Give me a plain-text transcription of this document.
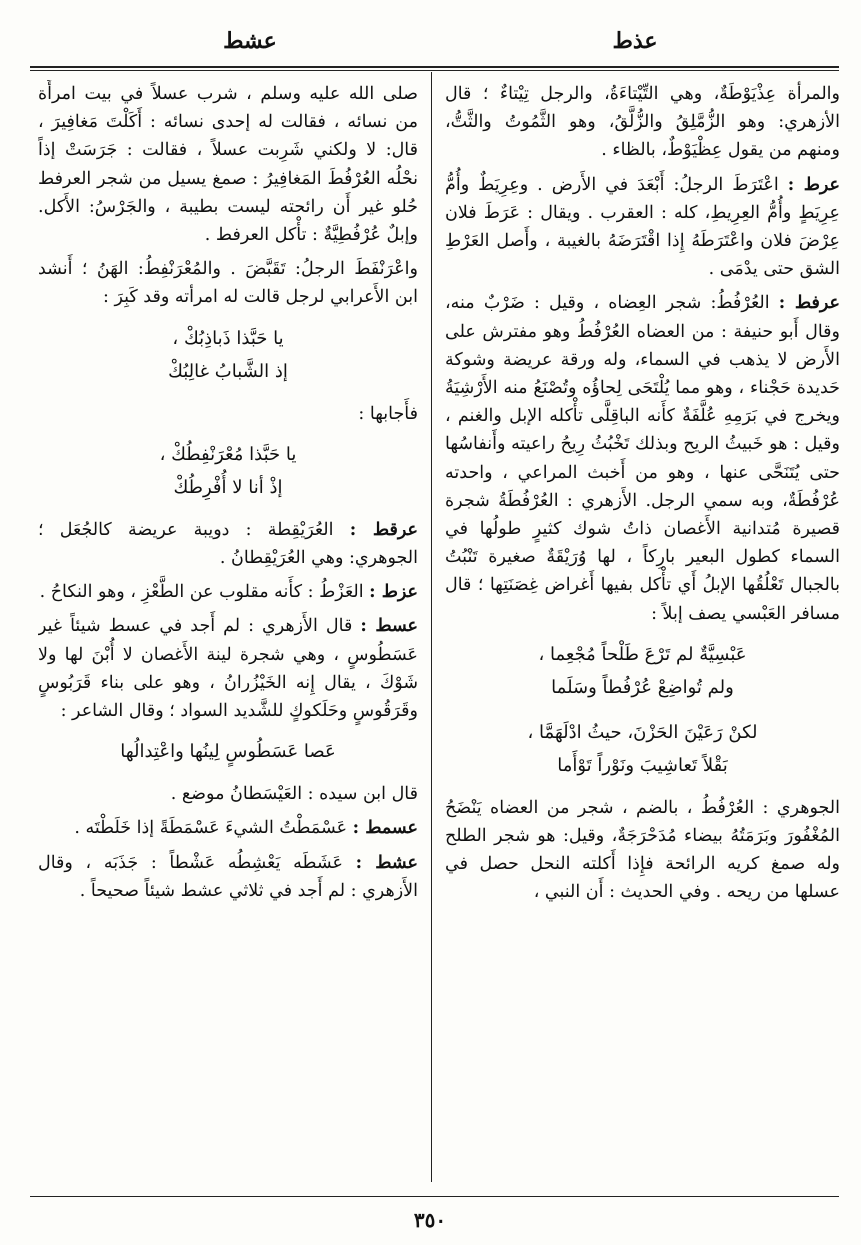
عذط
عشط

والمرأة عِذْيَوْطَةٌ، وهي التِّيْتاءَةُ، والرجل تِيْتاءٌ ؛ قال الأزهري: وهو الزُّمَّلِقُ والزُّلَّقُ، وهو الثَّمُوتُ والثَّتُّ، ومنهم من يقول عِظْيَوْطٌ، بالظاء .

عرط : اعْتَرَطَ الرجلُ: أَبْعَدَ في الأَرض . وعِرِيَطٌ وأُمُّ عِرِيَطٍ وأُمُّ العِرِيطِ، كله : العقرب . ويقال : عَرَطَ فلان عِرْضَ فلان واعْتَرَطَهُ إِذا اقْتَرَضَهُ بالغيبة ، وأَصل العَرْطِ الشق حتى يدْمَى .

عرفط : العُرْفُطُ: شجر العِضاه ، وقيل : ضَرْبٌ منه، وقال أَبو حنيفة : من العضاه العُرْفُطُ وهو مفترش على الأَرض لا يذهب في السماء، وله ورقة عريضة وشوكة حَديدة حَجْناء ، وهو مما يُلْتَحَى لِحاؤُه وتُصْنَعُ منه الأَرْشِيَةُ ويخرج في بَرَمِهِ عُلَّفَةٌ كأَنه الباقِلَّى تأْكله الإبل والغنم ، وقيل : هو خَبيثُ الريح وبذلك تَخْبُثُ رِيحُ راعيته وأَنفاسُها حتى يُتَنَحَّى عنها ، وهو من أَخبث المراعي ، واحدته عُرْفُطَةٌ، وبه سمي الرجل. الأَزهري : العُرْفُطَةُ شجرة قصيرة مُتدانية الأَغصان ذاتُ شوك كثيرٍ طولُها في السماء كطول البعير بارِكاً ، لها وُرَيْقَةٌ صغيرة تَنْبُتُ بالجبال تَعْلُقُها الإبلُ أَي تأْكل بفيها أَغراض غِصَنَتِها ؛ قال مسافر العَبْسي يصف إبلاً :

عَبْسِيَّةٌ لم تَرْعَ طَلْحاً مُجْعِما ،
ولم تُواضِعْ عُرْفُطاً وسَلَما
لكنْ رَعَيْنَ الحَزْنَ، حيثُ ادْلَهَمَّا ،
بَقْلاً تَعاشِيبَ ونَوْراً تَوْأَما

الجوهري : العُرْفُطُ ، بالضم ، شجر من العضاه يَنْضَحُ المُغْفُورَ وبَرَمَتُهُ بيضاء مُدَحْرَجَةٌ، وقيل: هو شجر الطلح وله صمغ كريه الرائحة فإِذا أَكلته النحل حصل في عسلها من ريحه . وفي الحديث : أَن النبي ،

صلى الله عليه وسلم ، شرب عسلاً في بيت امرأَة من نسائه ، فقالت له إحدى نسائه : أَكَلْتَ مَغافِيرَ ، قال: لا ولكني شَرِبت عسلاً ، فقالت : جَرَسَتْ إذاً نحْلُه العُرْفُطَ المَغافِيرُ : صمغ يسيل من شجر العرفط حُلو غير أَن رائحته ليست بطيبة ، والجَرْسُ: الأَكل. وإبلٌ عُرْفُطِيَّةٌ : تأْكل العرفط .

واعْرَنْفَطَ الرجلُ: تَقَبَّضَ . والمُعْرَنْفِطُ: الهَنُ ؛ أَنشد ابن الأَعرابي لرجل قالت له امرأته وقد كَبِرَ :

يا حَبَّذا ذَباذِبُكْ ،
إذ الشَّبابُ غالِبُكْ

فأَجابها :

يا حَبَّذا مُعْرَنْفِطُكْ ،
إذْ أنا لا أُفْرِطُكْ

عرقط : العُرَيْقِطة : دويبة عريضة كالجُعَل ؛ الجوهري: وهي العُرَيْقِطانُ .

عزط : العَزْطُ : كأَنه مقلوب عن الطَّعْزِ ، وهو النكاحُ .

عسط : قال الأَزهري : لم أَجد في عسط شيئاً غير عَسَطُوسٍ ، وهي شجرة لينة الأَغصان لا أُبْنَ لها ولا شَوْكَ ، يقال إِنه الخَيْزُرانُ ، وهو على بناء قَرَبُوسٍ وقَرَقُوسٍ وحَلَكوكٍ للشَّديد السواد ؛ وقال الشاعر :

عَصا عَسَطُوسٍ لِينُها واعْتِدالُها

قال ابن سيده : العَيْسَطانُ موضع .

عسمط : عَسْمَطْتُ الشيءَ عَسْمَطَةً إذا خَلَطْتَه .

عشط : عَشَطَه يَعْشِطُه عَشْطاً : جَذَبَه ، وقال الأَزهري : لم أَجد في ثلاثي عشط شيئاً صحيحاً .

٣٥٠
